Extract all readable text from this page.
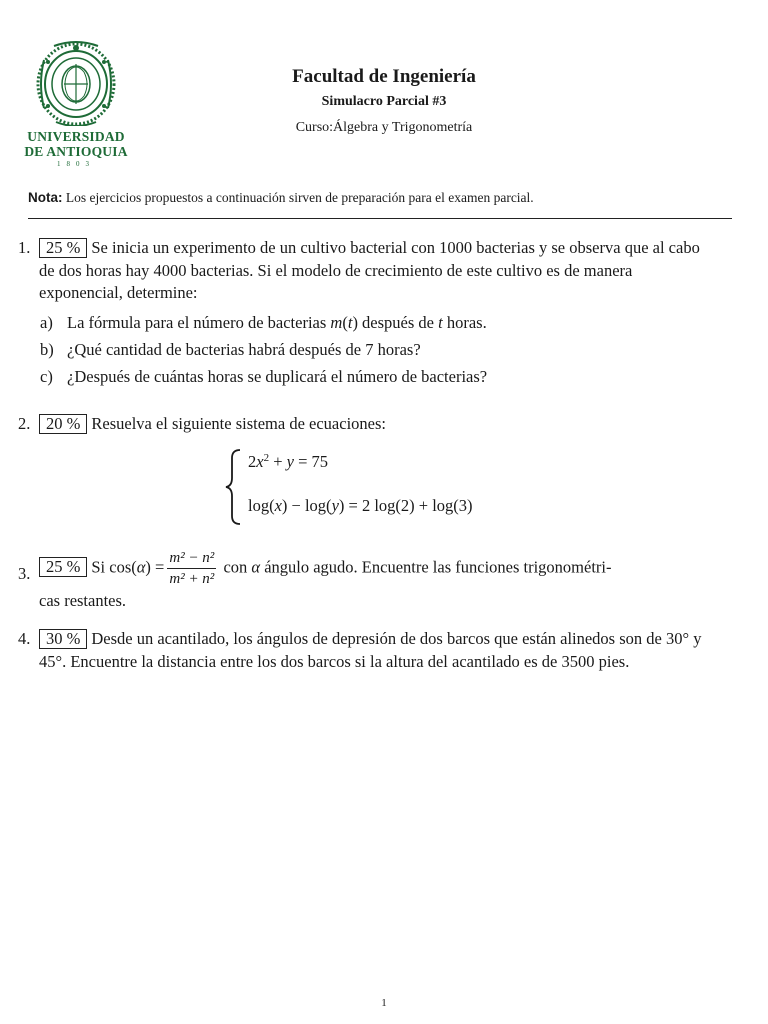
UNIVERSIDAD
DE ANTIOQUIA
1803
Facultad de Ingeniería
Simulacro Parcial #3
Curso:Álgebra y Trigonometría
Nota: Los ejercicios propuestos a continuación sirven de preparación para el examen parcial.
1. 25 % Se inicia un experimento de un cultivo bacterial con 1000 bacterias y se observa que al cabo de dos horas hay 4000 bacterias. Si el modelo de crecimiento de este cultivo es de manera exponencial, determine:
a) La fórmula para el número de bacterias m(t) después de t horas.
b) ¿Qué cantidad de bacterias habrá después de 7 horas?
c) ¿Después de cuántas horas se duplicará el número de bacterias?
2. 20 % Resuelva el siguiente sistema de ecuaciones:
$2x^2 + y = 75$
log(x) − log(y) = 2 log(2) + log(3)
3. 25 % Si $\cos(\alpha) = \frac{\text{m² − n²}}{\text{m² + n²}}$ con α ángulo agudo. Encuentre las funciones trigonométri-
cas restantes.
4. 30 % Desde un acantilado, los ángulos de depresión de dos barcos que están alinedos son de 30° y 45°. Encuentre la distancia entre los dos barcos si la altura del acantilado es de 3500 pies.
1
